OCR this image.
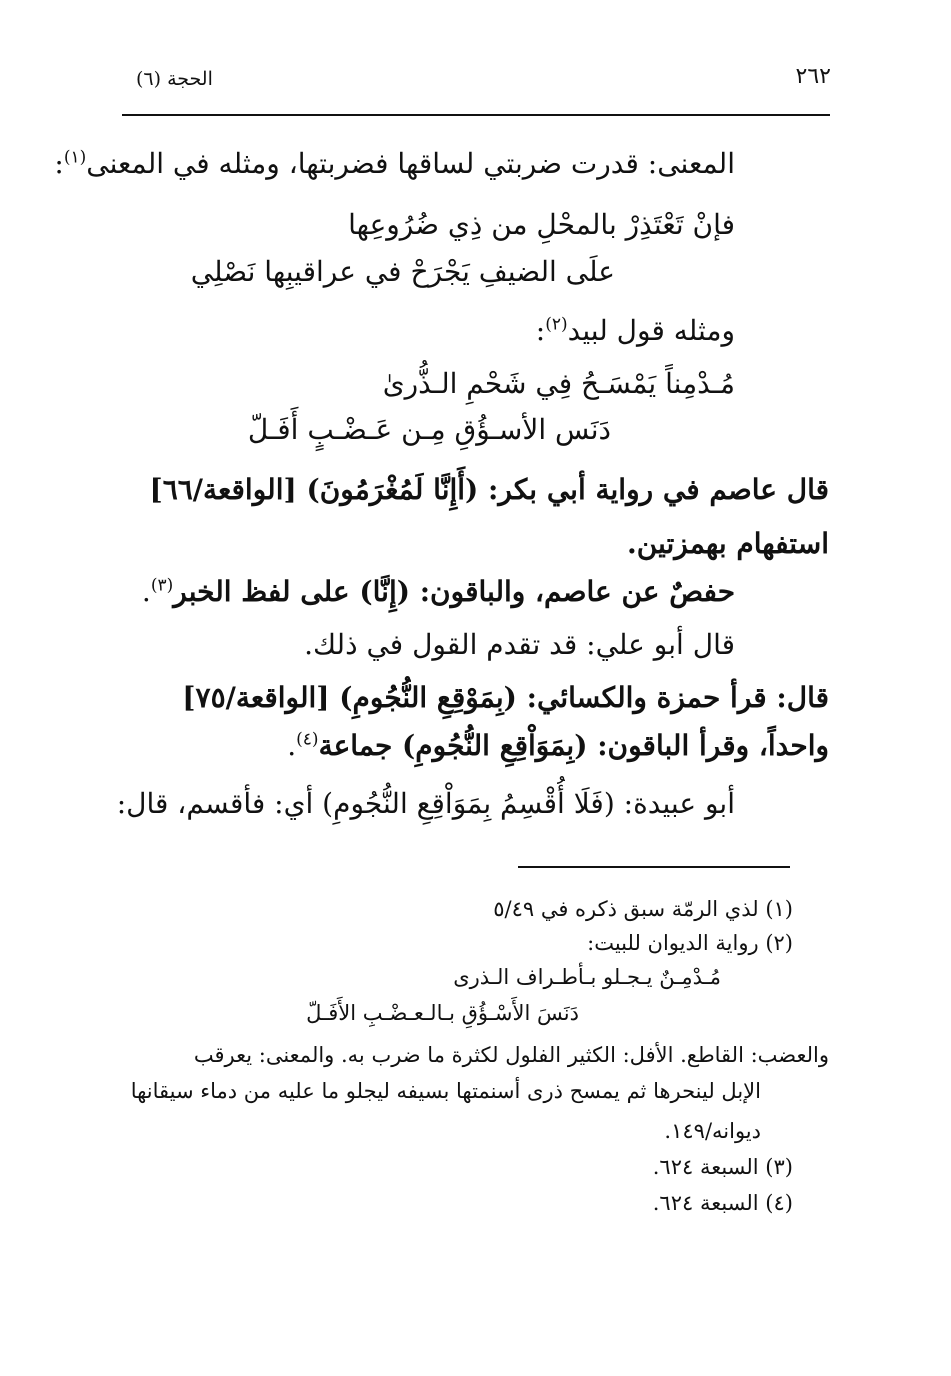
٢٦٢
الحجة (٦)
المعنى: قدرت ضربتي لساقها فضربتها، ومثله في المعنى$^{(١)}$:
فإنْ تَعْتَذِرْ بالمحْلِ من ذِي ضُرُوعِها
علَى الضيفِ يَجْرَحْ في عراقيبِها نَصْلِي
ومثله قول لبيد$^{(٢)}$:
مُـدْمِناً يَمْسَـحُ فِي شَحْمِ الـذُّرىٰ
دَنَس الأسـؤُقِ مِـن عَـضْـبٍ أَفَـلّ
قال عاصم في رواية أبي بكر: (أَإِنَّا لَمُغْرَمُونَ) [الواقعة/٦٦]
استفهام بهمزتين.
حفصٌ عن عاصم، والباقون: (إِنَّا) على لفظ الخبر$^{(٣)}$.
قال أبو علي: قد تقدم القول في ذلك.
قال: قرأ حمزة والكسائي: (بِمَوْقِعِ النُّجُومِ) [الواقعة/٧٥]
واحداً، وقرأ الباقون: (بِمَوَاْقِعِ النُّجُومِ) جماعة$^{(٤)}$.
أبو عبيدة: (فَلَا أُقْسِمُ بِمَوَاْقِعِ النُّجُومِ) أي: فأقسم، قال:
(١) لذي الرمّة سبق ذكره في ٥/٤٩
(٢) رواية الديوان للبيت:
مُـدْمِـنٌ يـجـلو بـأطـراف الـذرى
دَنَسَ الأَسْـؤُقِ بـالـعـضْـبِ الأَفَـلّ
والعضب: القاطع. الأفل: الكثير الفلول لكثرة ما ضرب به. والمعنى: يعرقب
الإبل لينحرها ثم يمسح ذرى أسنمتها بسيفه ليجلو ما عليه من دماء سيقانها
ديوانه/١٤٩.
(٣) السبعة ٦٢٤.
(٤) السبعة ٦٢٤.
